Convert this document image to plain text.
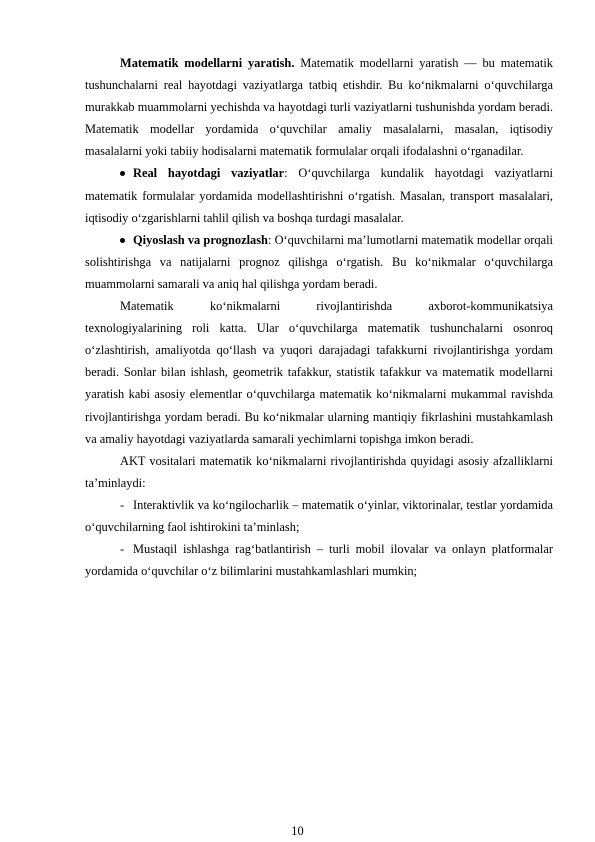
Matematik modellarni yaratish. Matematik modellarni yaratish — bu matematik tushunchalarni real hayotdagi vaziyatlarga tatbiq etishdir. Bu ko‘nikmalarni o‘quvchilarga murakkab muammolarni yechishda va hayotdagi turli vaziyatlarni tushunishda yordam beradi. Matematik modellar yordamida o‘quvchilar amaliy masalalarni, masalan, iqtisodiy masalalarni yoki tabiiy hodisalarni matematik formulalar orqali ifodalashni o‘rganadilar.

Real hayotdagi vaziyatlar: O‘quvchilarga kundalik hayotdagi vaziyatlarni matematik formulalar yordamida modellashtirishni o‘rgatish. Masalan, transport masalalari, iqtisodiy o‘zgarishlarni tahlil qilish va boshqa turdagi masalalar.

Qiyoslash va prognozlash: O‘quvchilarni ma’lumotlarni matematik modellar orqali solishtirishga va natijalarni prognoz qilishga o‘rgatish. Bu ko‘nikmalar o‘quvchilarga muammolarni samarali va aniq hal qilishga yordam beradi.

Matematik ko‘nikmalarni rivojlantirishda axborot-kommunikatsiya texnologiyalarining roli katta. Ular o‘quvchilarga matematik tushunchalarni osonroq o‘zlashtirish, amaliyotda qo‘llash va yuqori darajadagi tafakkurni rivojlantirishga yordam beradi. Sonlar bilan ishlash, geometrik tafakkur, statistik tafakkur va matematik modellarni yaratish kabi asosiy elementlar o‘quvchilarga matematik ko‘nikmalarni mukammal ravishda rivojlantirishga yordam beradi. Bu ko‘nikmalar ularning mantiqiy fikrlashini mustahkamlash va amaliy hayotdagi vaziyatlarda samarali yechimlarni topishga imkon beradi.

AKT vositalari matematik ko‘nikmalarni rivojlantirishda quyidagi asosiy afzalliklarni ta’minlaydi:

- Interaktivlik va ko‘ngilocharlik – matematik o‘yinlar, viktorinalar, testlar yordamida o‘quvchilarning faol ishtirokini ta’minlash;

- Mustaqil ishlashga rag‘batlantirish – turli mobil ilovalar va onlayn platformalar yordamida o‘quvchilar o‘z bilimlarini mustahkamlashlari mumkin;

10
